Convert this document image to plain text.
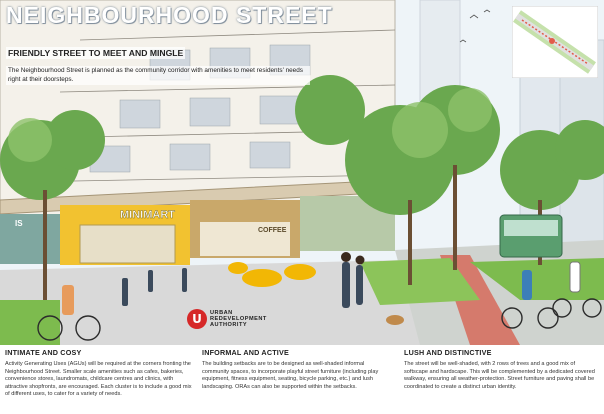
IS
MINIMART
COFFEE
NEIGHBOURHOOD STREET
FRIENDLY STREET TO MEET AND MINGLE

The Neighbourhood Street is planned as the community corridor with amenities to meet residents' needs right at their doorsteps.

U	URBAN
REDEVELOPMENT
AUTHORITY
INTIMATE AND COSY

Activity Generating Uses (AGUs) will be required at the corners fronting the Neighbourhood Street. Smaller scale amenities such as cafes, bakeries, convenience stores, laundromats, childcare centres and clinics, with attractive shopfronts, are encouraged. Each cluster is to include a good mix of different uses, to cater for a variety of needs.

INFORMAL AND ACTIVE

The building setbacks are to be designed as well-shaded informal community spaces, to incorporate playful street furniture (including play equipment, fitness equipment, seating, bicycle parking, etc.) and lush landscaping. ORAs can also be supported within the setbacks.

LUSH AND DISTINCTIVE

The street will be well-shaded, with 2 rows of trees and a good mix of softscape and hardscape. This will be complemented by a dedicated covered walkway, ensuring all weather-protection. Street furniture and paving shall be coordinated to create a distinct urban identity.
